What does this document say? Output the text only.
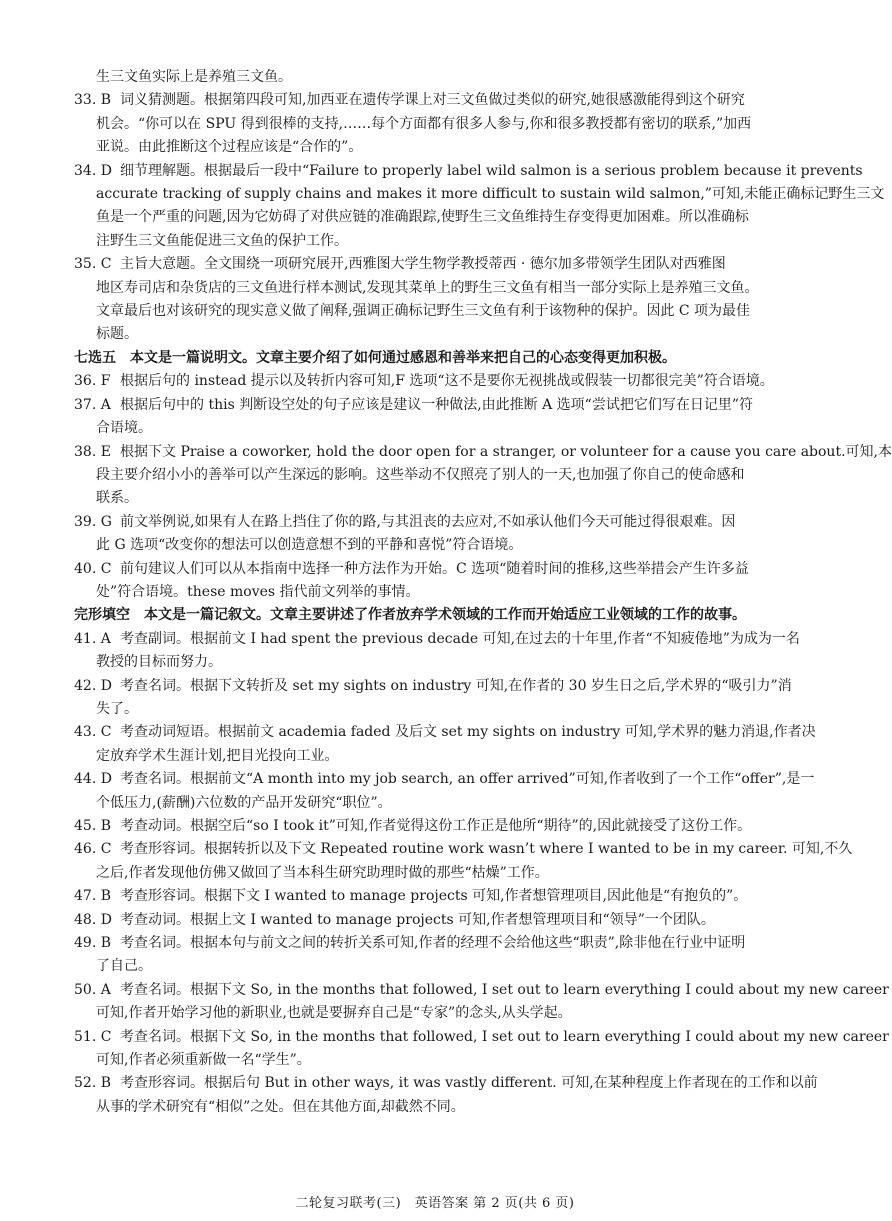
生三文鱼实际上是养殖三文鱼。
33. B 词义猜测题。根据第四段可知,加西亚在遗传学课上对三文鱼做过类似的研究,她很感激能得到这个研究
机会。“你可以在 SPU 得到很棒的支持,……每个方面都有很多人参与,你和很多教授都有密切的联系,”加西
亚说。由此推断这个过程应该是“合作的”。
34. D 细节理解题。根据最后一段中“Failure to properly label wild salmon is a serious problem because it prevents
accurate tracking of supply chains and makes it more difficult to sustain wild salmon,”可知,未能正确标记野生三文
鱼是一个严重的问题,因为它妨碍了对供应链的准确跟踪,使野生三文鱼维持生存变得更加困难。所以准确标
注野生三文鱼能促进三文鱼的保护工作。
35. C 主旨大意题。全文围绕一项研究展开,西雅图大学生物学教授蒂西 · 德尔加多带领学生团队对西雅图
地区寿司店和杂货店的三文鱼进行样本测试,发现其菜单上的野生三文鱼有相当一部分实际上是养殖三文鱼。
文章最后也对该研究的现实意义做了阐释,强调正确标记野生三文鱼有利于该物种的保护。因此 C 项为最佳
标题。
七选五　本文是一篇说明文。文章主要介绍了如何通过感恩和善举来把自己的心态变得更加积极。
36. F 根据后句的 instead 提示以及转折内容可知,F 选项“这不是要你无视挑战或假装一切都很完美”符合语境。
37. A 根据后句中的 this 判断设空处的句子应该是建议一种做法,由此推断 A 选项“尝试把它们写在日记里”符
合语境。
38. E 根据下文 Praise a coworker, hold the door open for a stranger, or volunteer for a cause you care about.可知,本
段主要介绍小小的善举可以产生深远的影响。这些举动不仅照亮了别人的一天,也加强了你自己的使命感和
联系。
39. G 前文举例说,如果有人在路上挡住了你的路,与其沮丧的去应对,不如承认他们今天可能过得很艰难。因
此 G 选项“改变你的想法可以创造意想不到的平静和喜悦”符合语境。
40. C 前句建议人们可以从本指南中选择一种方法作为开始。C 选项“随着时间的推移,这些举措会产生许多益
处”符合语境。these moves 指代前文列举的事情。
完形填空　本文是一篇记叙文。文章主要讲述了作者放弃学术领域的工作而开始适应工业领域的工作的故事。
41. A 考查副词。根据前文 I had spent the previous decade 可知,在过去的十年里,作者“不知疲倦地”为成为一名
教授的目标而努力。
42. D 考查名词。根据下文转折及 set my sights on industry 可知,在作者的 30 岁生日之后,学术界的“吸引力”消
失了。
43. C 考查动词短语。根据前文 academia faded 及后文 set my sights on industry 可知,学术界的魅力消退,作者决
定放弃学术生涯计划,把目光投向工业。
44. D 考查名词。根据前文“A month into my job search, an offer arrived”可知,作者收到了一个工作“offer”,是一
个低压力,(薪酬)六位数的产品开发研究“职位”。
45. B 考查动词。根据空后“so I took it”可知,作者觉得这份工作正是他所“期待”的,因此就接受了这份工作。
46. C 考查形容词。根据转折以及下文 Repeated routine work wasn’t where I wanted to be in my career. 可知,不久
之后,作者发现他仿佛又做回了当本科生研究助理时做的那些“枯燥”工作。
47. B 考查形容词。根据下文 I wanted to manage projects 可知,作者想管理项目,因此他是“有抱负的”。
48. D 考查动词。根据上文 I wanted to manage projects 可知,作者想管理项目和“领导”一个团队。
49. B 考查名词。根据本句与前文之间的转折关系可知,作者的经理不会给他这些“职责”,除非他在行业中证明
了自己。
50. A 考查名词。根据下文 So, in the months that followed, I set out to learn everything I could about my new career
可知,作者开始学习他的新职业,也就是要摒弃自己是“专家”的念头,从头学起。
51. C 考查名词。根据下文 So, in the months that followed, I set out to learn everything I could about my new career
可知,作者必须重新做一名“学生”。
52. B 考查形容词。根据后句 But in other ways, it was vastly different. 可知,在某种程度上作者现在的工作和以前
从事的学术研究有“相似”之处。但在其他方面,却截然不同。
二轮复习联考(三)　英语答案 第 2 页(共 6 页)
